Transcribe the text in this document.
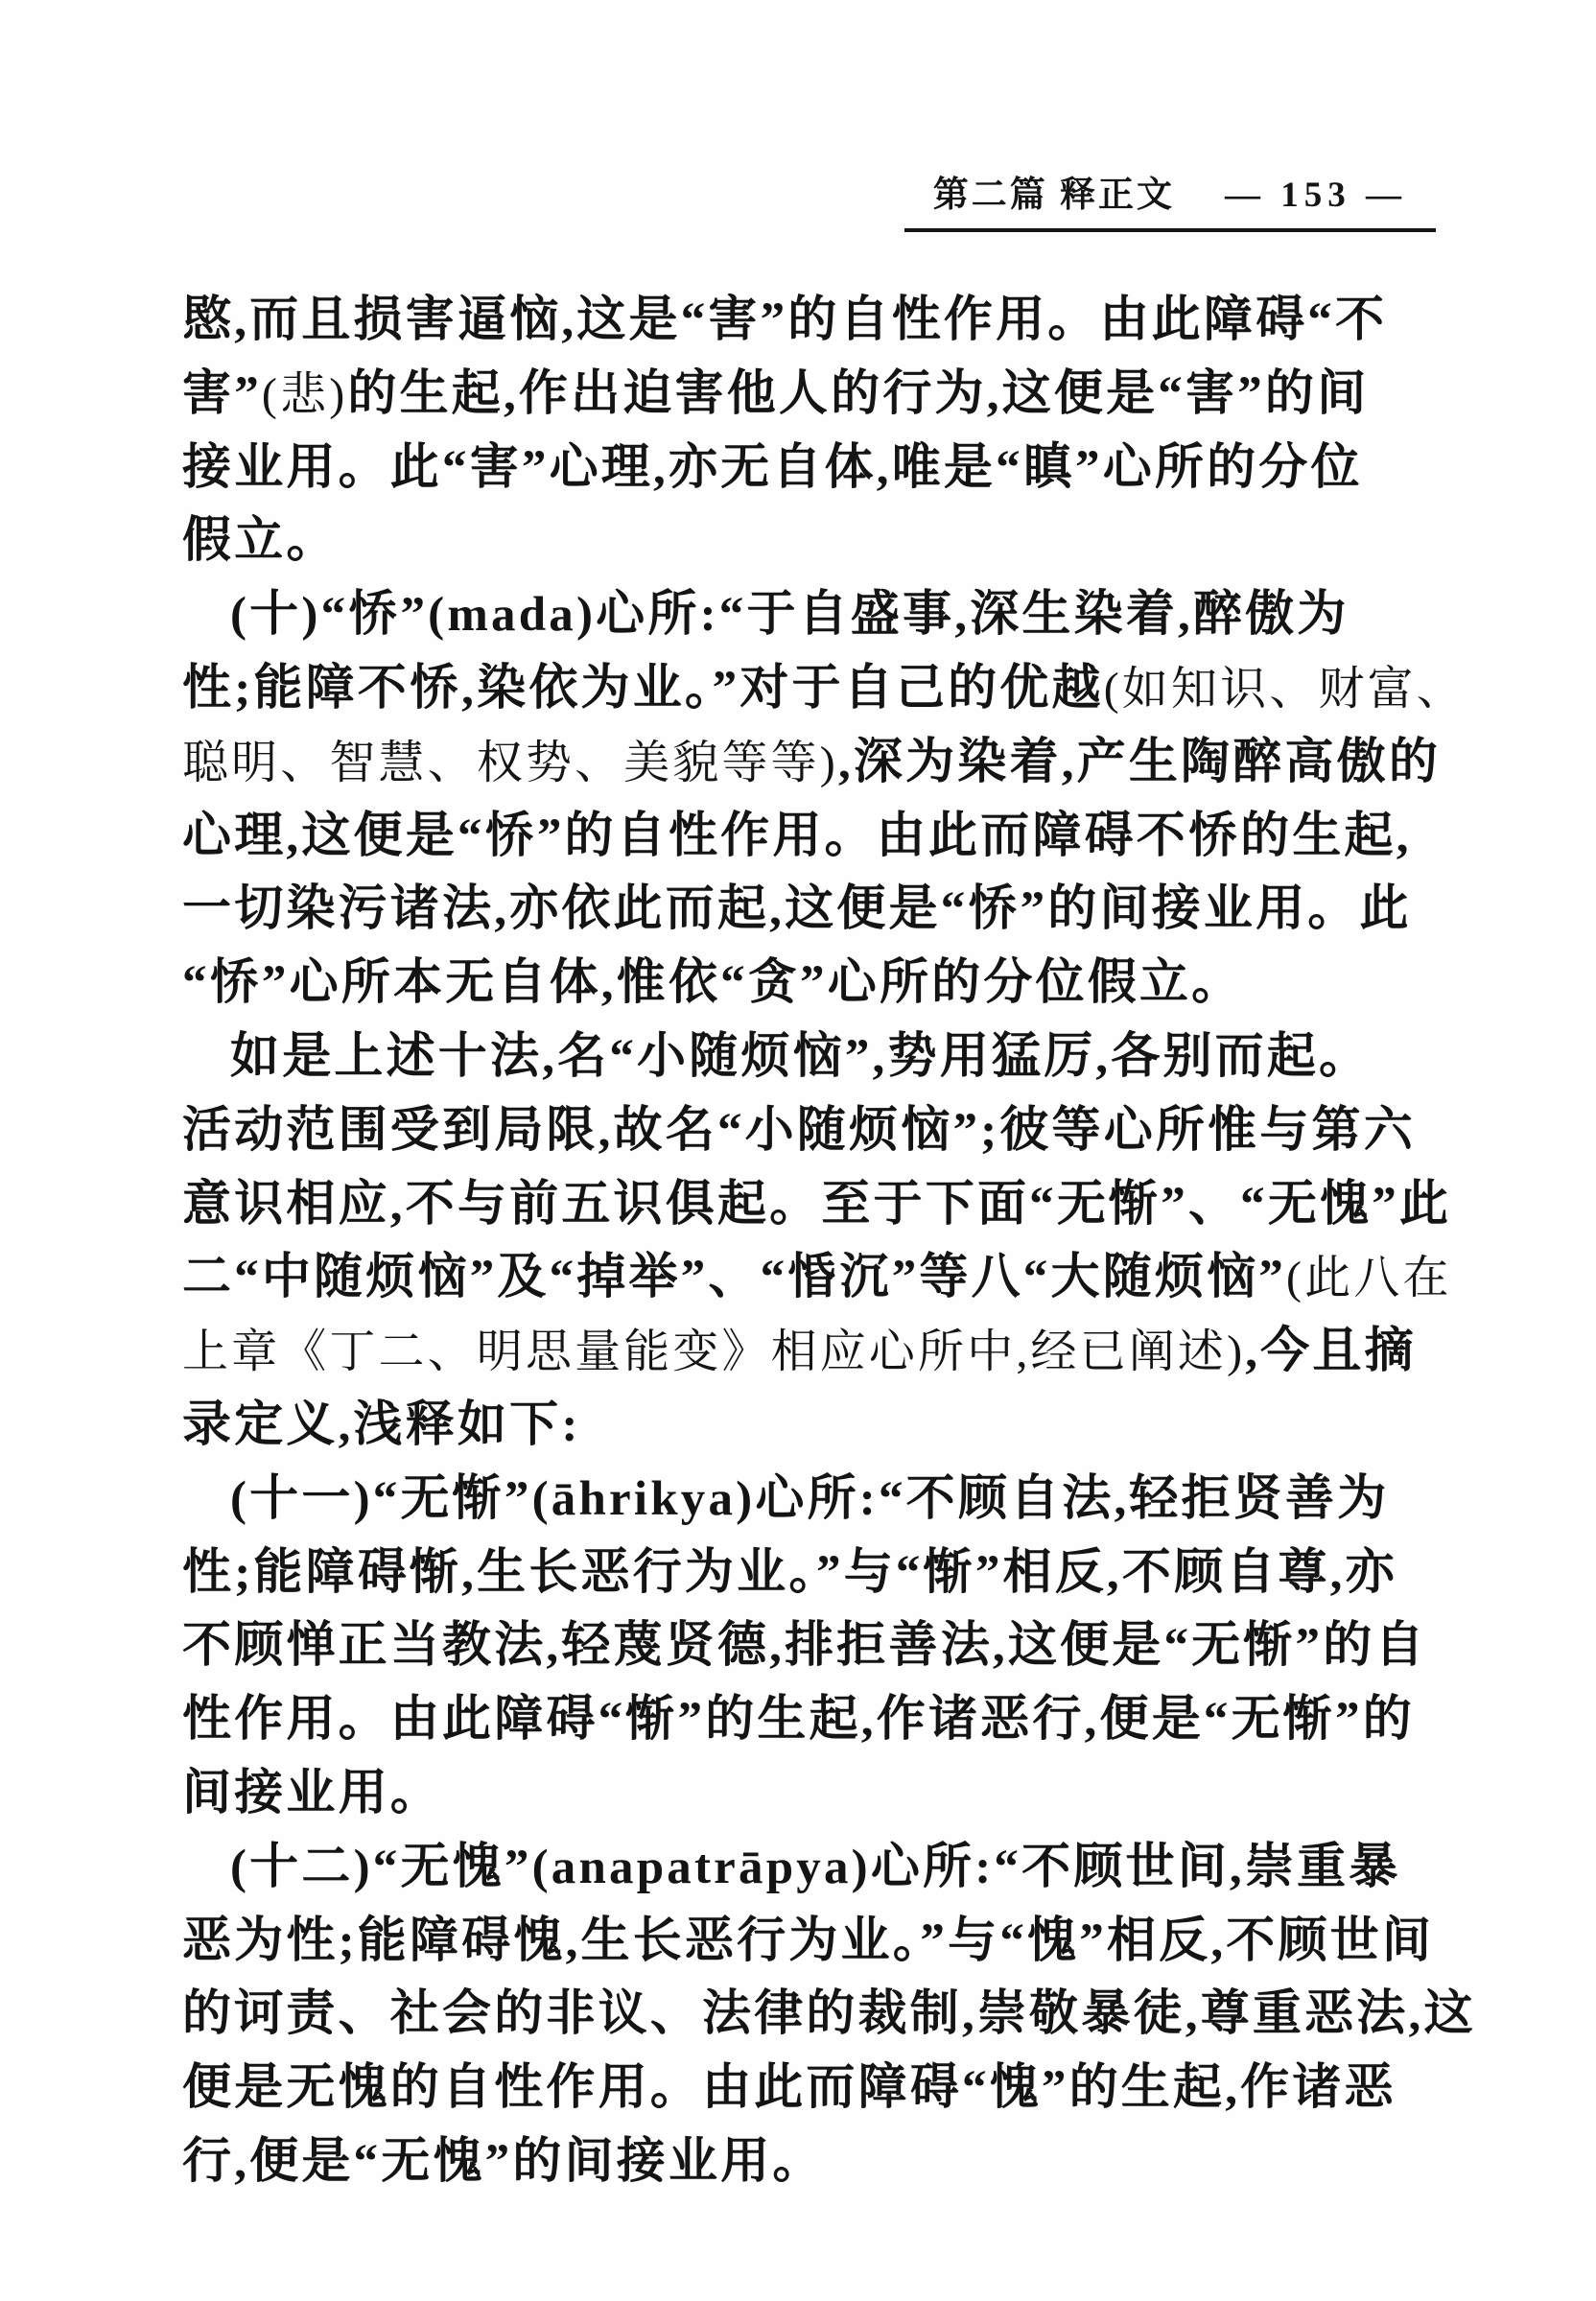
第二篇 释正文 — 153 —
愍,而且损害逼恼,这是“害”的自性作用。由此障碍“不
害”(悲)的生起,作出迫害他人的行为,这便是“害”的间
接业用。此“害”心理,亦无自体,唯是“瞋”心所的分位
假立。
(十)“㤭”(mada)心所:“于自盛事,深生染着,醉傲为
性;能障不㤭,染依为业。”对于自己的优越(如知识、财富、
聪明、智慧、权势、美貌等等),深为染着,产生陶醉高傲的
心理,这便是“㤭”的自性作用。由此而障碍不㤭的生起,
一切染污诸法,亦依此而起,这便是“㤭”的间接业用。此
“㤭”心所本无自体,惟依“贪”心所的分位假立。
如是上述十法,名“小随烦恼”,势用猛厉,各别而起。
活动范围受到局限,故名“小随烦恼”;彼等心所惟与第六
意识相应,不与前五识俱起。至于下面“无惭”、“无愧”此
二“中随烦恼”及“掉举”、“惛沉”等八“大随烦恼”(此八在
上章《丁二、明思量能变》相应心所中,经已阐述),今且摘
录定义,浅释如下:
(十一)“无惭”(āhrikya)心所:“不顾自法,轻拒贤善为
性;能障碍惭,生长恶行为业。”与“惭”相反,不顾自尊,亦
不顾惮正当教法,轻蔑贤德,排拒善法,这便是“无惭”的自
性作用。由此障碍“惭”的生起,作诸恶行,便是“无惭”的
间接业用。
(十二)“无愧”(anapatrāpya)心所:“不顾世间,崇重暴
恶为性;能障碍愧,生长恶行为业。”与“愧”相反,不顾世间
的诃责、社会的非议、法律的裁制,崇敬暴徒,尊重恶法,这
便是无愧的自性作用。由此而障碍“愧”的生起,作诸恶
行,便是“无愧”的间接业用。
